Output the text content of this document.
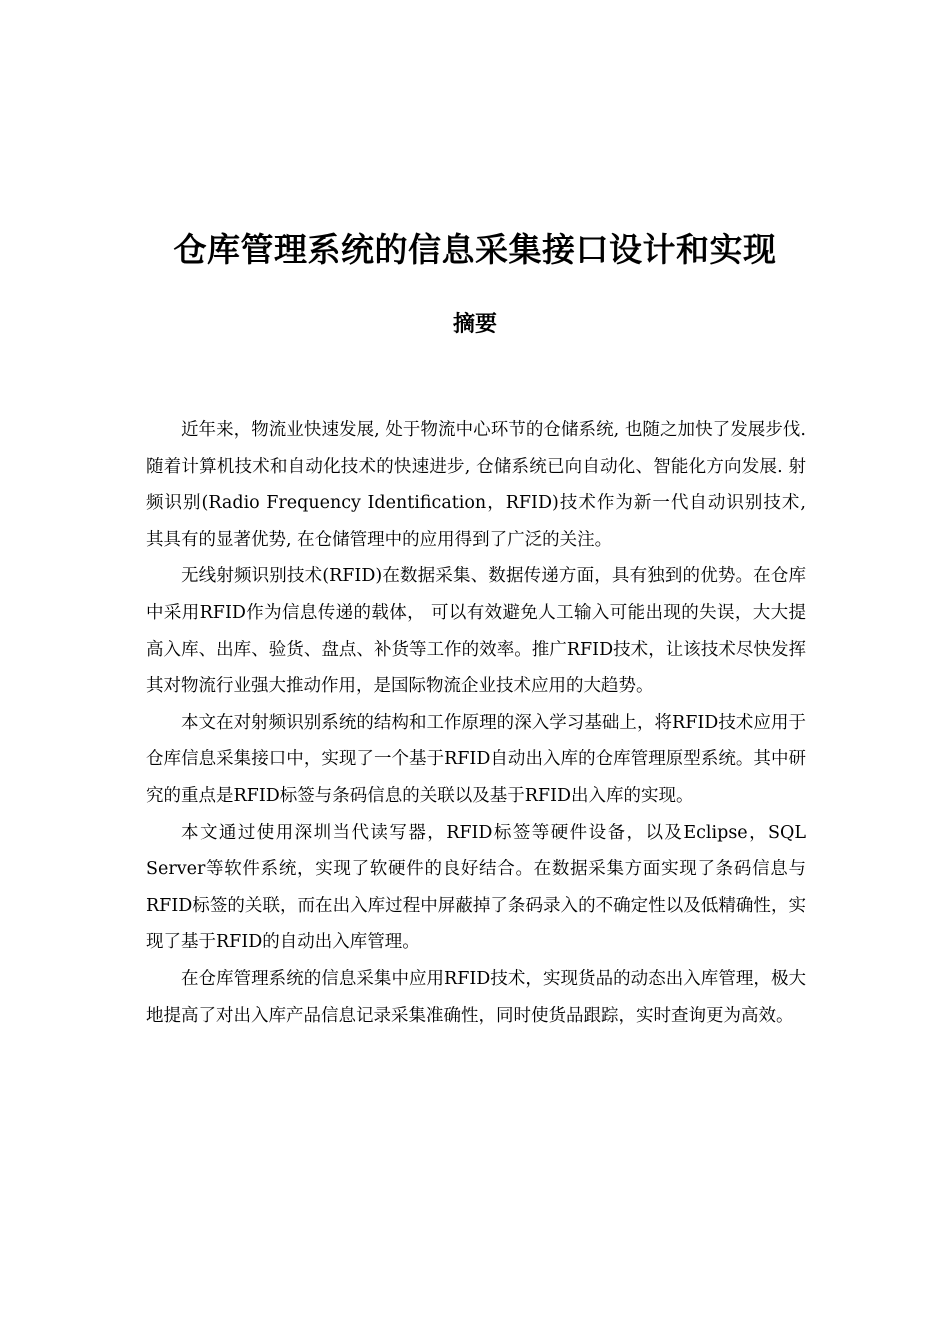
仓库管理系统的信息采集接口设计和实现
摘要

近年来，物流业快速发展, 处于物流中心环节的仓储系统, 也随之加快了发展步伐. 随着计算机技术和自动化技术的快速进步, 仓储系统已向自动化、智能化方向发展. 射频识别(Radio Frequency Identification，RFID)技术作为新一代自动识别技术, 其具有的显著优势, 在仓储管理中的应用得到了广泛的关注。

无线射频识别技术(RFID)在数据采集、数据传递方面，具有独到的优势。在仓库中采用RFID作为信息传递的载体， 可以有效避免人工输入可能出现的失误，大大提高入库、出库、验货、盘点、补货等工作的效率。推广RFID技术，让该技术尽快发挥其对物流行业强大推动作用，是国际物流企业技术应用的大趋势。

本文在对射频识别系统的结构和工作原理的深入学习基础上，将RFID技术应用于仓库信息采集接口中，实现了一个基于RFID自动出入库的仓库管理原型系统。其中研究的重点是RFID标签与条码信息的关联以及基于RFID出入库的实现。

本文通过使用深圳当代读写器，RFID标签等硬件设备，以及Eclipse，SQL Server等软件系统，实现了软硬件的良好结合。在数据采集方面实现了条码信息与RFID标签的关联，而在出入库过程中屏蔽掉了条码录入的不确定性以及低精确性，实现了基于RFID的自动出入库管理。

在仓库管理系统的信息采集中应用RFID技术，实现货品的动态出入库管理，极大地提高了对出入库产品信息记录采集准确性，同时使货品跟踪，实时查询更为高效。
